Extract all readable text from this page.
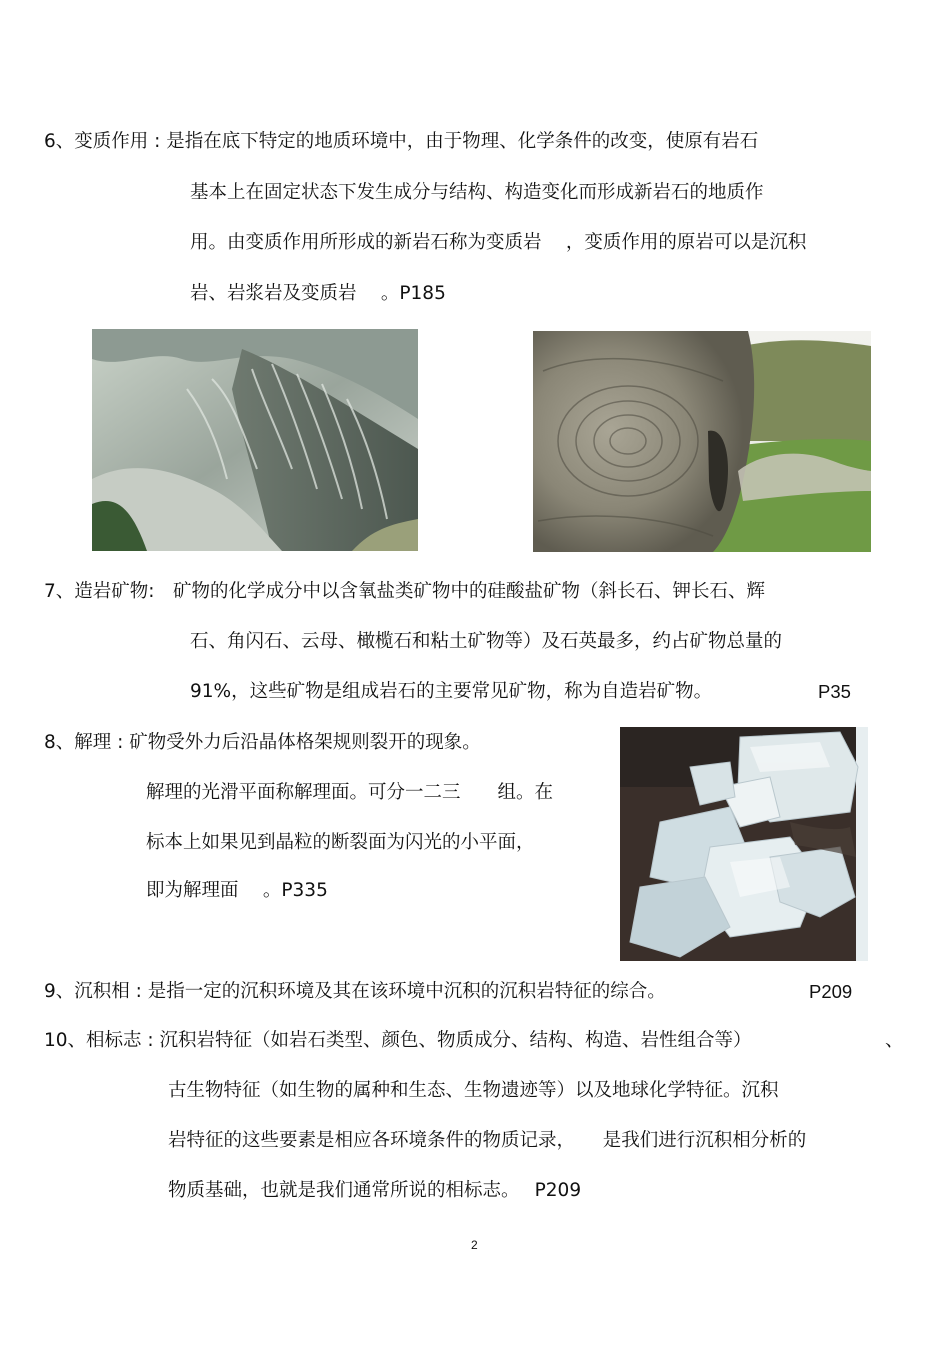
6、变质作用 : 是指在底下特定的地质环境中，由于物理、化学条件的改变，使原有岩石
基本上在固定状态下发生成分与结构、构造变化而形成新岩石的地质作
用。由变质作用所形成的新岩石称为变质岩　 ，变质作用的原岩可以是沉积
岩、岩浆岩及变质岩　 。P185
7、造岩矿物:　矿物的化学成分中以含氧盐类矿物中的硅酸盐矿物（斜长石、钾长石、辉
石、角闪石、云母、橄榄石和粘土矿物等）及石英最多，约占矿物总量的
91%，这些矿物是组成岩石的主要常见矿物，称为自造岩矿物。	P35
8、解理 : 矿物受外力后沿晶体格架规则裂开的现象。
解理的光滑平面称解理面。可分一二三　　组。在
标本上如果见到晶粒的断裂面为闪光的小平面，
即为解理面　 。P335
9、沉积相 : 是指一定的沉积环境及其在该环境中沉积的沉积岩特征的综合。	P209
10、相标志 : 沉积岩特征（如岩石类型、颜色、物质成分、结构、构造、岩性组合等）	、
古生物特征（如生物的属种和生态、生物遗迹等）以及地球化学特征。沉积
岩特征的这些要素是相应各环境条件的物质记录，　　是我们进行沉积相分析的
物质基础，也就是我们通常所说的相标志。　 P209
2
